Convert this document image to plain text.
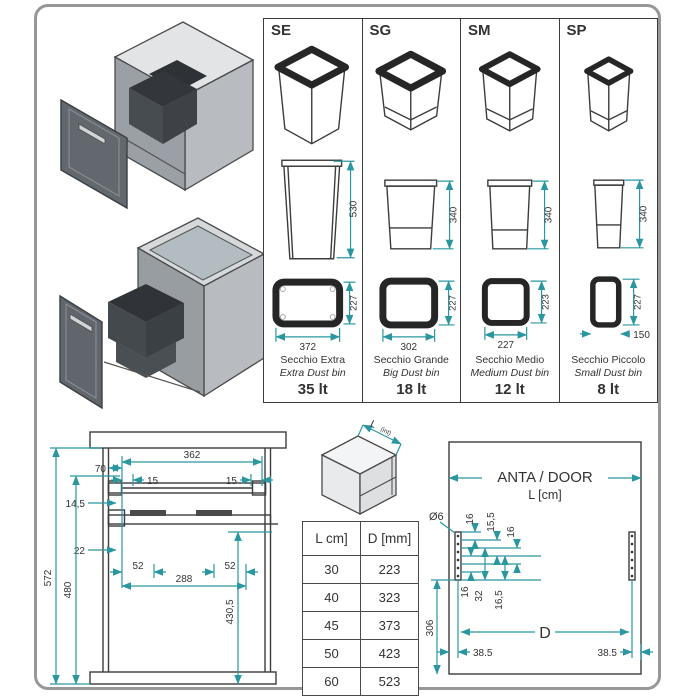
SE
530
227
372
Secchio Extra
Extra Dust bin
35 lt
SG
340
227
302
Secchio Grande
Big Dust bin
18 lt
SM
340
223
227
Secchio Medio
Medium Dust bin
12 lt
SP
340
227
150
Secchio Piccolo
Small Dust bin
8 lt
362
70
15	15
14,5
22
52	52
288
572
480
430,5
L
(int)
L cm]	D [mm]
30	223
40	323
45	373
50	423
60	523
ANTA / DOOR
L [cm]
Ø6 16 15,5
16
16 32 16,5
306	D
38.5	38.5
